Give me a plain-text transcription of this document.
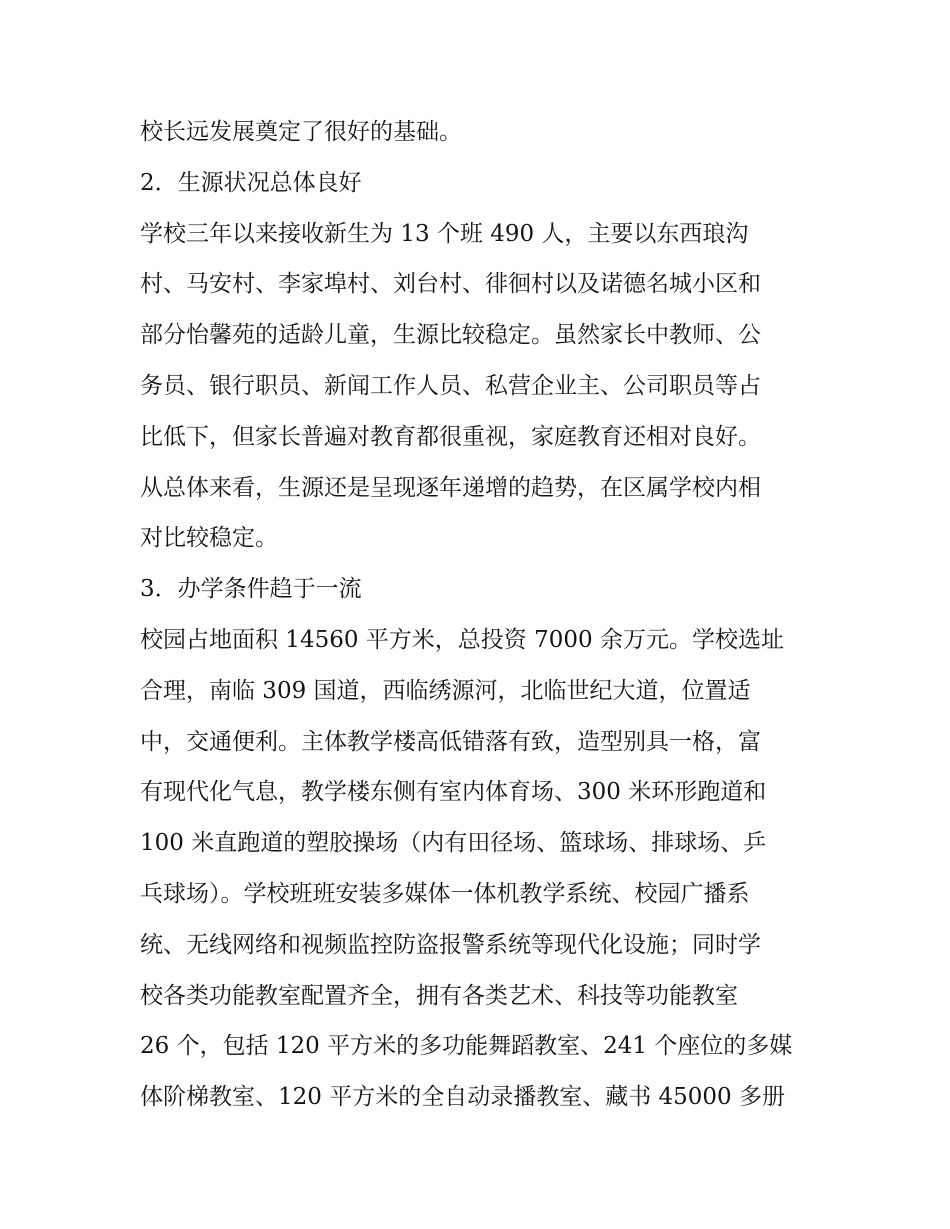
校长远发展奠定了很好的基础。
2．生源状况总体良好
学校三年以来接收新生为 13 个班 490 人，主要以东西琅沟
村、马安村、李家埠村、刘台村、徘徊村以及诺德名城小区和
部分怡馨苑的适龄儿童，生源比较稳定。虽然家长中教师、公
务员、银行职员、新闻工作人员、私营企业主、公司职员等占
比低下，但家长普遍对教育都很重视，家庭教育还相对良好。
从总体来看，生源还是呈现逐年递增的趋势，在区属学校内相
对比较稳定。
3．办学条件趋于一流
校园占地面积 14560 平方米，总投资 7000 余万元。学校选址
合理，南临 309 国道，西临绣源河，北临世纪大道，位置适
中，交通便利。主体教学楼高低错落有致，造型别具一格，富
有现代化气息，教学楼东侧有室内体育场、300 米环形跑道和
100 米直跑道的塑胶操场（内有田径场、篮球场、排球场、乒
乓球场）。学校班班安装多媒体一体机教学系统、校园广播系
统、无线网络和视频监控防盗报警系统等现代化设施；同时学
校各类功能教室配置齐全，拥有各类艺术、科技等功能教室
26 个，包括 120 平方米的多功能舞蹈教室、241 个座位的多媒
体阶梯教室、120 平方米的全自动录播教室、藏书 45000 多册
